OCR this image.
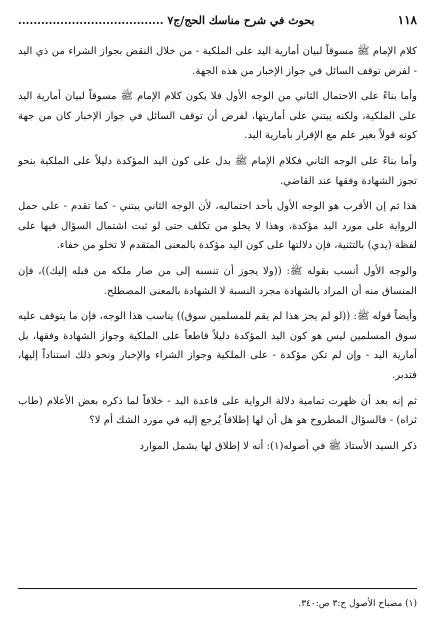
١١٨
بحوث في شرح مناسك الحج/ج٧ ......................................

كلام الإمام ﷺ مسوقاً لبيان أمارية اليد على الملكية - من خلال النقض بجواز الشراء من ذي اليد - لفرض توقف السائل في جواز الإخبار من هذه الجهة.

وأما بناءً على الاحتمال الثاني من الوجه الأول فلا يكون كلام الإمام ﷺ مسوقاً لبيان أمارية اليد على الملكية، ولكنه يبتني على أماريتها، لفرض أن توقف السائل في جواز الإخبار كان من جهة كونه قولاً بغير علم مع الإقرار بأمارية اليد.

وأما بناءً على الوجه الثاني فكلام الإمام ﷺ يدل على كون اليد المؤكدة دليلاً على الملكية بنحو تجوز الشهادة وفقها عند القاضي.

هذا ثم إن الأقرب هو الوجه الأول بأحد احتماليه، لأن الوجه الثاني يبتني - كما تقدم - على حمل الرواية على مورد اليد مؤكدة، وهذا لا يخلو من تكلف حتى لو ثبت اشتمال السؤال فيها على لفظة (يدي) بالتثنية، فإن دلالتها على كون اليد مؤكدة بالمعنى المتقدم لا تخلو من خفاء.

والوجه الأول أنسب بقوله ﷺ: ((ولا يجوز أن تنسبه إلى من صار ملكه من قبله إليك))، فإن المنساق منه أن المراد بالشهادة مجرد النسبة لا الشهادة بالمعنى المصطلح.

وأيضاً قوله ﷺ: ((لو لم يجز هذا لم يقم للمسلمين سوق)) يناسب هذا الوجه، فإن ما يتوقف عليه سوق المسلمين ليس هو كون اليد المؤكدة دليلاً قاطعاً على الملكية وجواز الشهادة وفقها، بل أمارية اليد - وإن لم تكن مؤكدة - على الملكية وجواز الشراء والإخبار ونحو ذلك استناداً إليها، فتدبر.

ثم إنه بعد أن ظهرت تمامية دلالة الرواية على قاعدة اليد - خلافاً لما ذكره بعض الأعلام (طاب ثراه) - فالسؤال المطروح هو هل أن لها إطلاقاً يُرجع إليه في مورد الشك أم لا؟

ذكر السيد الأستاذ ﷺ في أصوله(١): أنه لا إطلاق لها يشمل الموارد

(١) مصباح الأصول ج:٣ ص:٣٤٠.
